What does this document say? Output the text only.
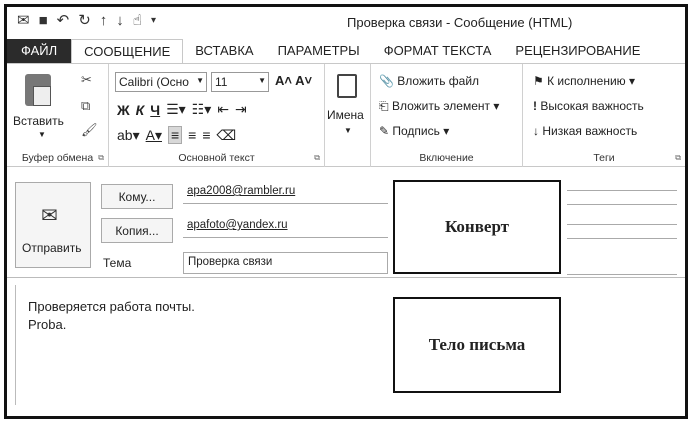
✉ ■ ↶ ↻ ↑ ↓ ☝ ▾	Проверка связи - Сообщение (HTML)
ФАЙЛ	СООБЩЕНИЕ	ВСТАВКА	ПАРАМЕТРЫ	ФОРМАТ ТЕКСТА	РЕЦЕНЗИРОВАНИЕ
Вставить
▼
✂
⧉
🖌
Буфер обмена ⧉
Calibri (Осно ▼ 11	▼ A˄ A˅
Ж К Ч ☰▾ ☷▾ ⇤ ⇥
ab▾ A▾ ≡ ≡ ≡ ⌫
Основной текст	⧉
Имена
▼
📎 Вложить файл
⎗ Вложить элемент ▾
✎ Подпись ▾
Включение
⚑ К исполнению ▾
! Высокая важность
↓ Низкая важность
Теги	⧉
✉
Отправить
Кому...
Копия...
Тема
apa2008@rambler.ru
apafoto@yandex.ru
Проверка связи
Конверт
Проверяется работа почты.
Proba.
Тело письма
